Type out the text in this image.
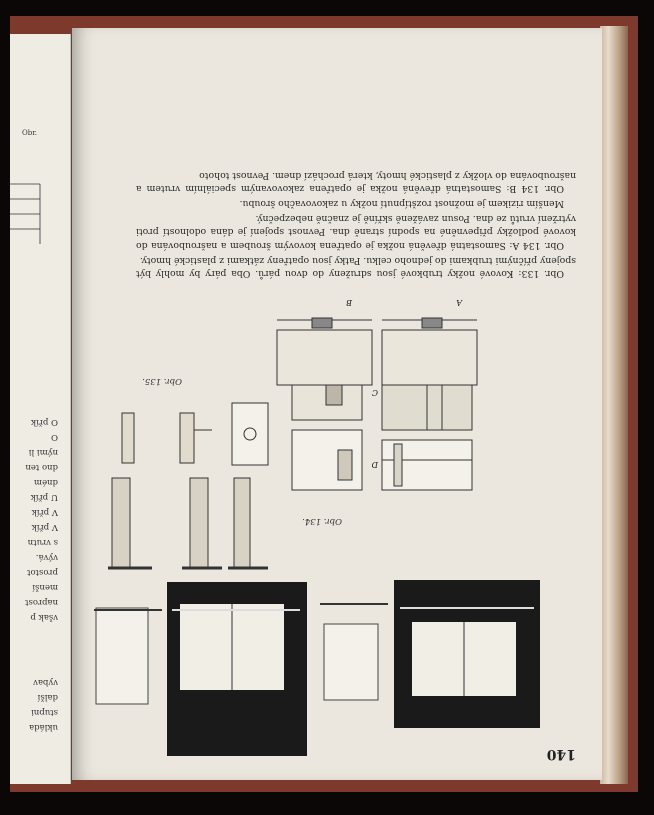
Obr.
ukláda
stupni
další
vybav
však p
naprost
menší
prostot
vývá.
s vrutn
V přík
V přík
U přík
dném
dno ten
nými li
O
O přík
140

Obr. 133: Kovové nožky trubkové jsou sdruženy do dvou párů. Oba páry by mohly být spojeny příčnými trubkami do jednoho celku. Patky jsou opatřeny zátkami z plastické hmoty.

Obr. 134 A: Samostatná dřevěná nožka je opatřena kovovým šroubem a našroubována do kovové podložky připevněné na spodní straně dna. Pevnost spojení je dána odolností proti vytržení vrutů ze dna. Posun zaváženě skříně je značně nebezpečný.

Menším rizikem je možnost rozštípnutí nožky u zakovovačho šroubu.

Obr. 134 B: Samostatná dřevěná nožka je opatřena zakovovaným speciálním vrutem a našroubována do vložky z plastické hmoty, která prochází dnem. Pevnost tohoto

Obr. 134.
D
C
A
B
Obr. 135.
